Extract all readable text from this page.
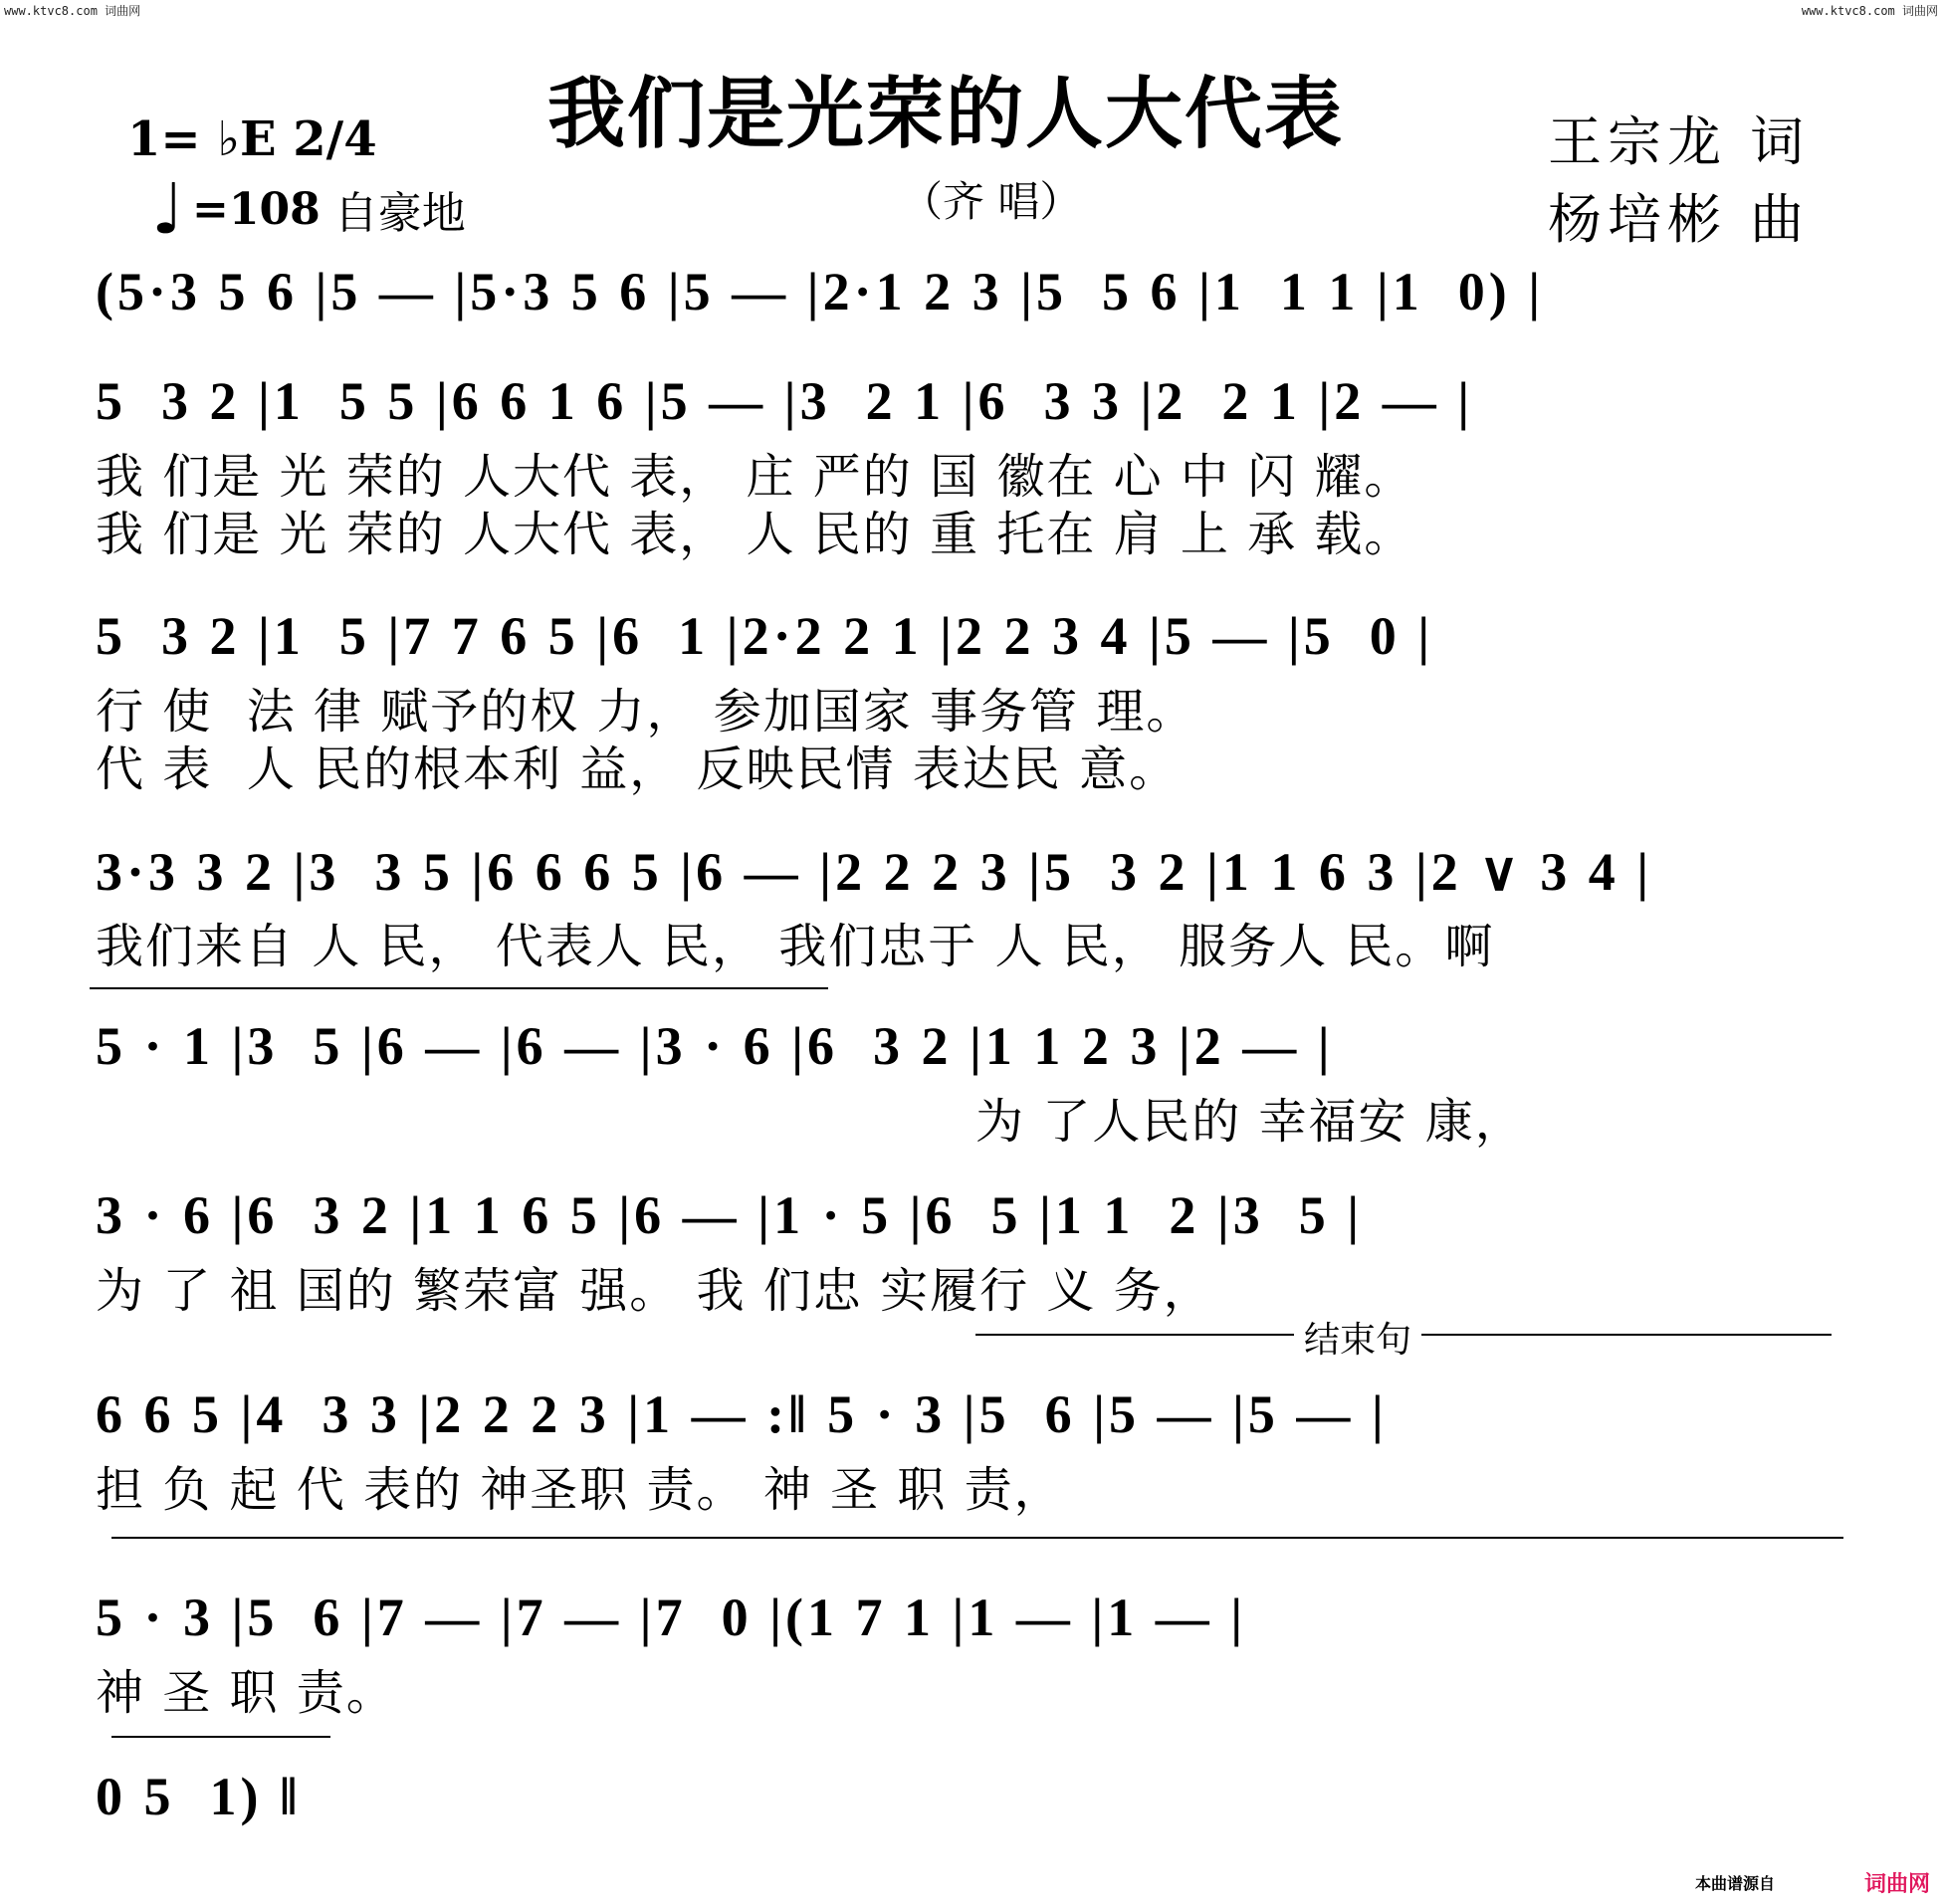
www.ktvc8.com 词曲网	www.ktvc8.com 词曲网
我们是光荣的人大代表
（齐 唱）
王宗龙 词
杨培彬 曲
1= ♭E 2/4
♩ =108 自豪地
(5·3 5 6 |5 — |5·3 5 6 |5 — |2·1 2 3 |5  5 6 |1  1 1 |1  0) |
5  3 2 |1  5 5 |6 6 1 6 |5 — |3  2 1 |6  3 3 |2  2 1 |2 — |
我 们是 光 荣的 人大代 表， 庄 严的 国 徽在 心 中 闪 耀。
我 们是 光 荣的 人大代 表， 人 民的 重 托在 肩 上 承 载。
5  3 2 |1  5 |7 7 6 5 |6  1 |2·2 2 1 |2 2 3 4 |5 — |5  0 |
行 使  法 律 赋予的权 力， 参加国家 事务管 理。
代 表  人 民的根本利 益， 反映民情 表达民 意。
3·3 3 2 |3  3 5 |6 6 6 5 |6 — |2 2 2 3 |5  3 2 |1 1 6 3 |2 ∨ 3 4 |
我们来自 人 民， 代表人 民， 我们忠于 人 民， 服务人 民。啊
5 · 1 |3  5 |6 — |6 — |3 · 6 |6  3 2 |1 1 2 3 |2 — |
为 了人民的 幸福安 康，
3 · 6 |6  3 2 |1 1 6 5 |6 — |1 · 5 |6  5 |1 1  2 |3  5 |
为 了 祖 国的 繁荣富 强。 我 们忠 实履行 义 务，
结束句
6 6 5 |4  3 3 |2 2 2 3 |1 — :‖ 5 · 3 |5  6 |5 — |5 — |
担 负 起 代 表的 神圣职 责。 神 圣 职 责，
5 · 3 |5  6 |7 — |7 — |7  0 |(1 7 1 |1 — |1 — |
神 圣 职 责。
0 5  1) ‖
本曲谱源自	词曲网
